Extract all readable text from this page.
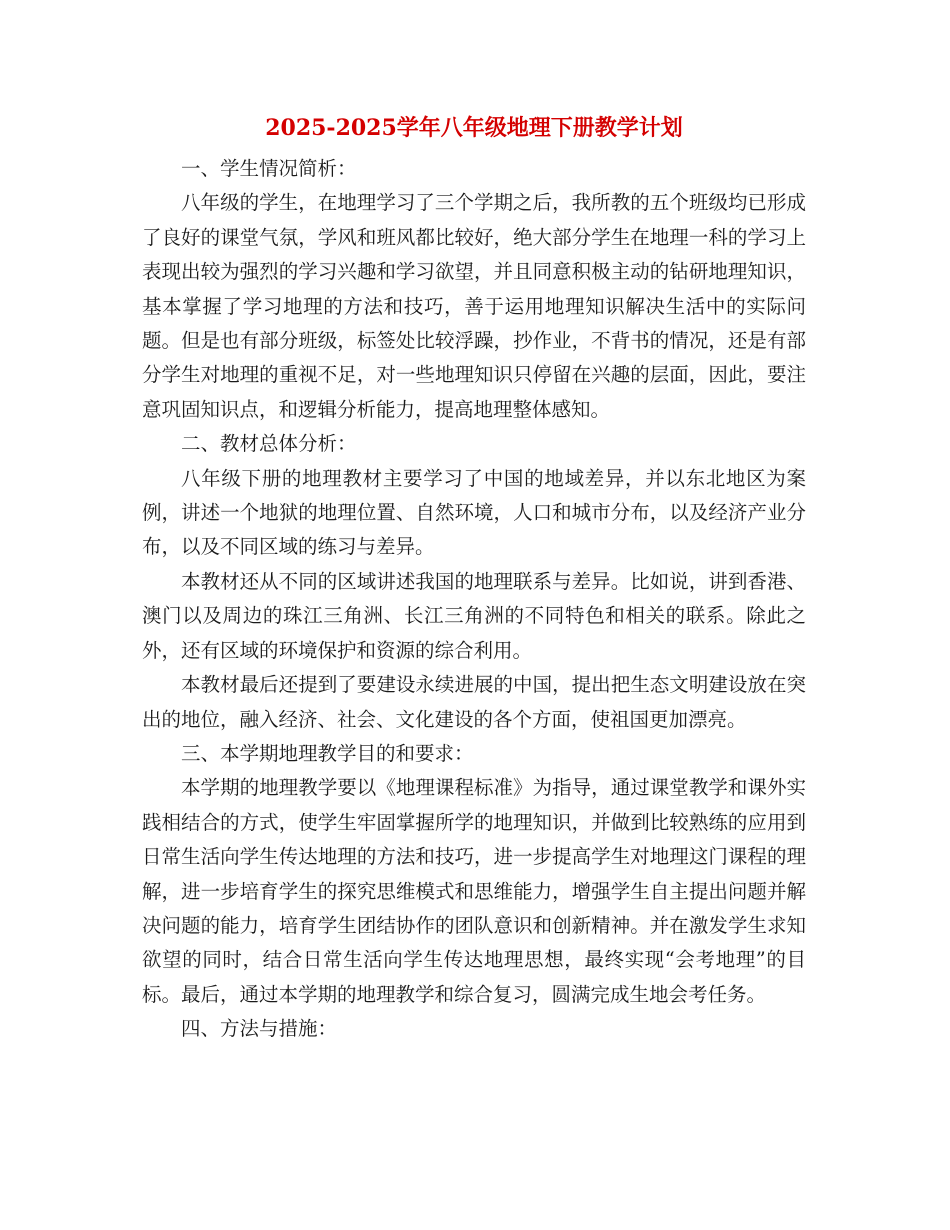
2025-2025学年八年级地理下册教学计划

一、学生情况简析：

八年级的学生，在地理学习了三个学期之后，我所教的五个班级均已形成了良好的课堂气氛，学风和班风都比较好，绝大部分学生在地理一科的学习上表现出较为强烈的学习兴趣和学习欲望，并且同意积极主动的钻研地理知识，基本掌握了学习地理的方法和技巧，善于运用地理知识解决生活中的实际问题。但是也有部分班级，标签处比较浮躁，抄作业，不背书的情况，还是有部分学生对地理的重视不足，对一些地理知识只停留在兴趣的层面，因此，要注意巩固知识点，和逻辑分析能力，提高地理整体感知。

二、教材总体分析：

八年级下册的地理教材主要学习了中国的地域差异，并以东北地区为案例，讲述一个地狱的地理位置、自然环境，人口和城市分布，以及经济产业分布，以及不同区域的练习与差异。

本教材还从不同的区域讲述我国的地理联系与差异。比如说，讲到香港、澳门以及周边的珠江三角洲、长江三角洲的不同特色和相关的联系。除此之外，还有区域的环境保护和资源的综合利用。

本教材最后还提到了要建设永续进展的中国，提出把生态文明建设放在突出的地位，融入经济、社会、文化建设的各个方面，使祖国更加漂亮。

三、本学期地理教学目的和要求：

本学期的地理教学要以《地理课程标准》为指导，通过课堂教学和课外实践相结合的方式，使学生牢固掌握所学的地理知识，并做到比较熟练的应用到日常生活向学生传达地理的方法和技巧，进一步提高学生对地理这门课程的理解，进一步培育学生的探究思维模式和思维能力，增强学生自主提出问题并解决问题的能力，培育学生团结协作的团队意识和创新精神。并在激发学生求知欲望的同时，结合日常生活向学生传达地理思想，最终实现“会考地理”的目标。最后，通过本学期的地理教学和综合复习，圆满完成生地会考任务。

四、方法与措施：
